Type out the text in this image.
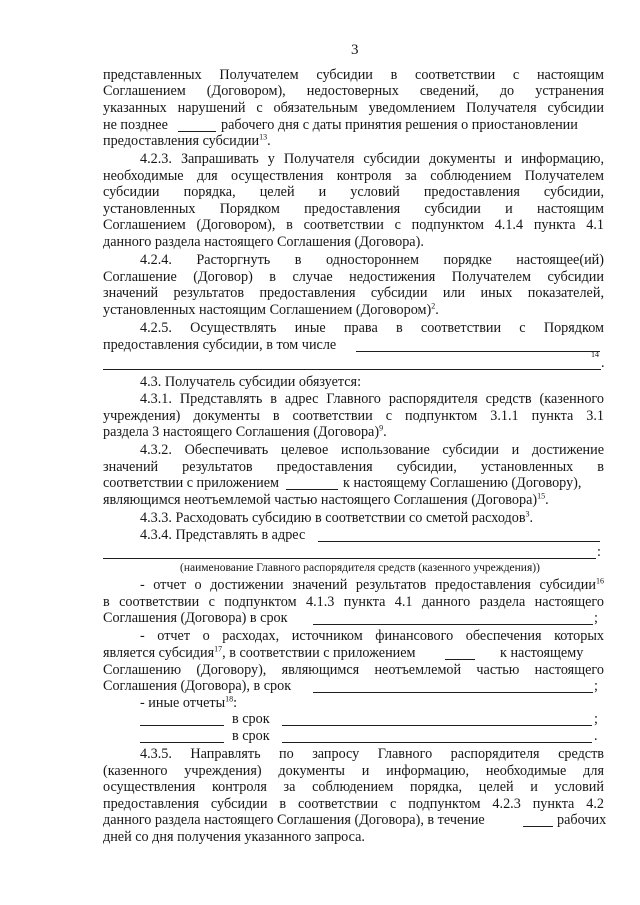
3
представленных Получателем субсидии в соответствии с настоящим
Соглашением (Договором), недостоверных сведений, до устранения
указанных нарушений с обязательным уведомлением Получателя субсидии
не позднее	рабочего дня с даты принятия решения о приостановлении
предоставления субсидии$^{13}$.
4.2.3. Запрашивать у Получателя субсидии документы и информацию,
необходимые для осуществления контроля за соблюдением Получателем
субсидии порядка, целей и условий предоставления субсидии,
установленных Порядком предоставления субсидии и настоящим
Соглашением (Договором), в соответствии с подпунктом 4.1.4 пункта 4.1
данного раздела настоящего Соглашения (Договора).
4.2.4. Расторгнуть в одностороннем порядке настоящее(ий)
Соглашение (Договор) в случае недостижения Получателем субсидии
значений результатов предоставления субсидии или иных показателей,
установленных настоящим Соглашением (Договором)$^2$.
4.2.5. Осуществлять иные права в соответствии с Порядком
предоставления субсидии, в том числе
14
.
4.3. Получатель субсидии обязуется:
4.3.1. Представлять в адрес Главного распорядителя средств (казенного
учреждения) документы в соответствии с подпунктом 3.1.1 пункта 3.1
раздела 3 настоящего Соглашения (Договора)$^9$.
4.3.2. Обеспечивать целевое использование субсидии и достижение
значений результатов предоставления субсидии, установленных в
соответствии с приложением	к настоящему Соглашению (Договору),
являющимся неотъемлемой частью настоящего Соглашения (Договора)$^{15}$.
4.3.3. Расходовать субсидию в соответствии со сметой расходов$^3$.
4.3.4. Представлять в адрес
:
(наименование Главного распорядителя средств (казенного учреждения))
- отчет о достижении значений результатов предоставления субсидии$^{16}$
в соответствии с подпунктом 4.1.3 пункта 4.1 данного раздела настоящего
Соглашения (Договора) в срок	;
- отчет о расходах, источником финансового обеспечения которых
является субсидия$^{17}$, в соответствии с приложением	к настоящему
Соглашению (Договору), являющимся неотъемлемой частью настоящего
Соглашения (Договора), в срок	;
- иные отчеты$^{18}$:
в срок	;
в срок	.
4.3.5. Направлять по запросу Главного распорядителя средств
(казенного учреждения) документы и информацию, необходимые для
осуществления контроля за соблюдением порядка, целей и условий
предоставления субсидии в соответствии с подпунктом 4.2.3 пункта 4.2
данного раздела настоящего Соглашения (Договора), в течение	рабочих
дней со дня получения указанного запроса.
